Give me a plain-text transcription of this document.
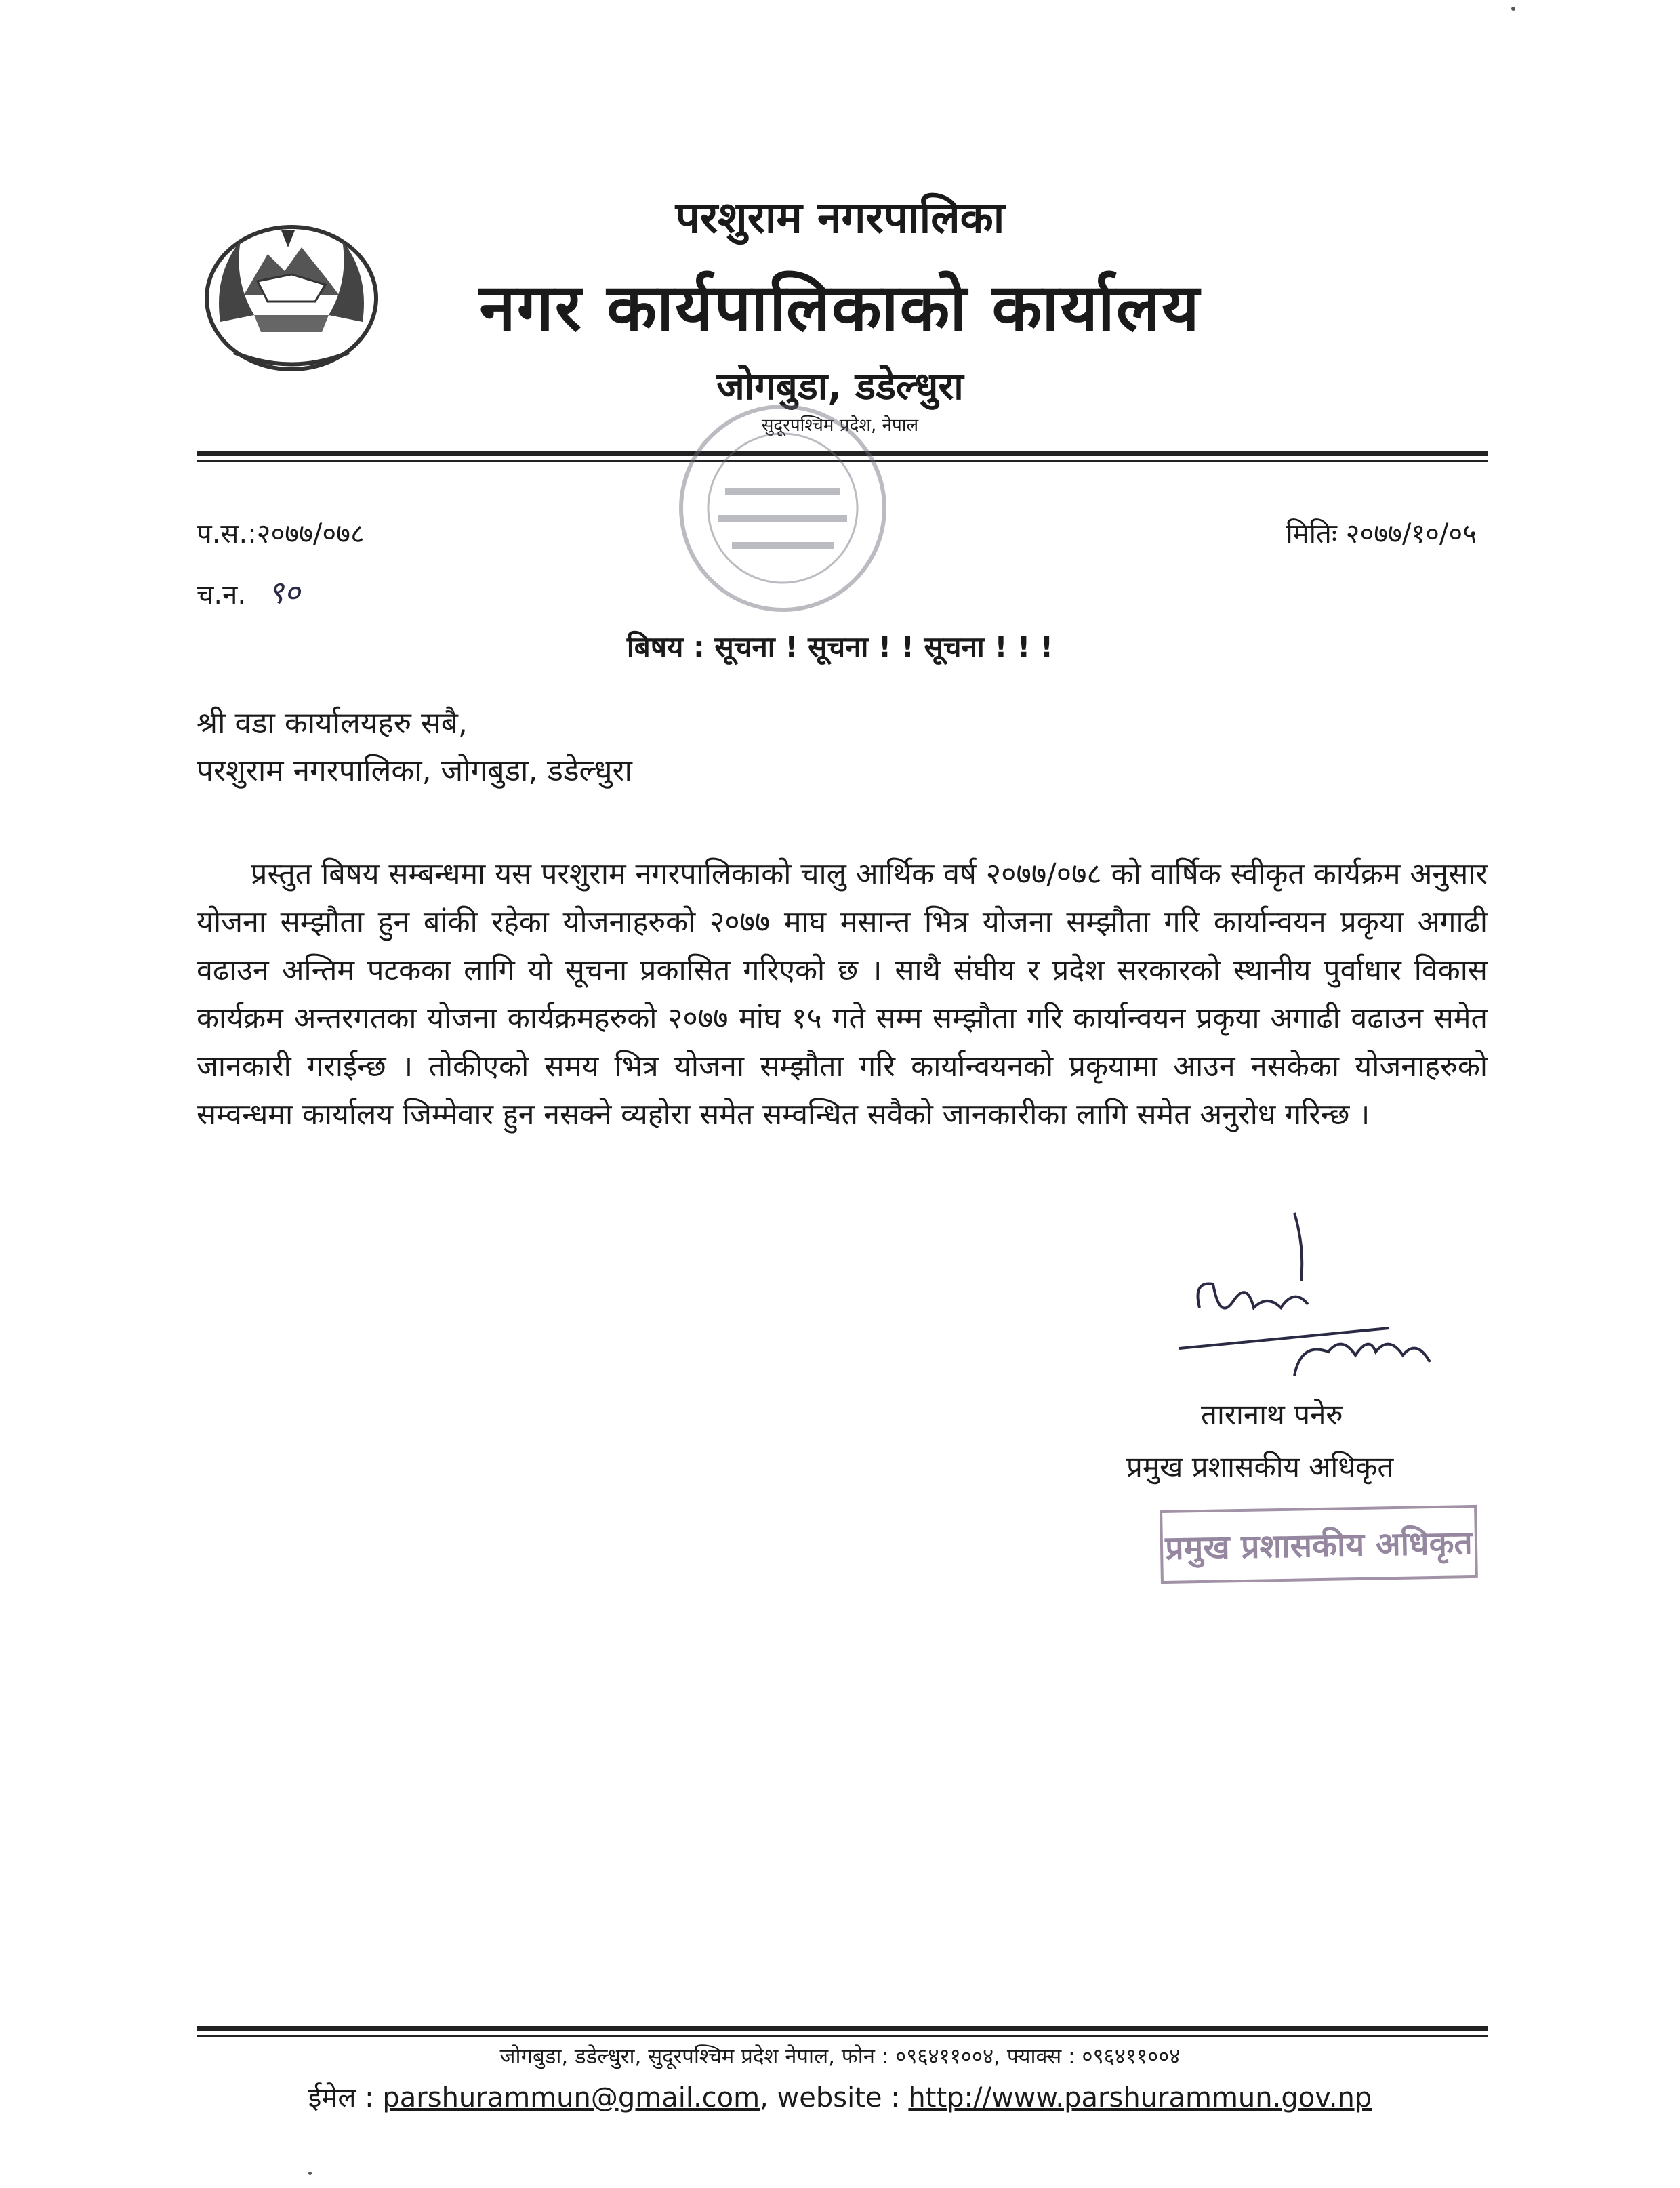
परशुराम नगरपालिका
नगर कार्यपालिकाको कार्यालय
जोगबुडा, डडेल्धुरा
सुदूरपश्चिम प्रदेश, नेपाल
प.स.:२०७७/०७८
च.न. ९०
मितिः २०७७/१०/०५
बिषय : सूचना ! सूचना ! ! सूचना ! ! !
श्री वडा कार्यालयहरु सबै,
परशुराम नगरपालिका, जोगबुडा, डडेल्धुरा
प्रस्तुत बिषय सम्बन्धमा यस परशुराम नगरपालिकाको चालु आर्थिक वर्ष २०७७/०७८ को वार्षिक स्वीकृत कार्यक्रम अनुसार योजना सम्झौता हुन बांकी रहेका योजनाहरुको २०७७ माघ मसान्त भित्र योजना सम्झौता गरि कार्यान्वयन प्रकृया अगाढी वढाउन अन्तिम पटकका लागि यो सूचना प्रकासित गरिएको छ । साथै संघीय र प्रदेश सरकारको स्थानीय पुर्वाधार विकास कार्यक्रम अन्तरगतका योजना कार्यक्रमहरुको २०७७ मांघ १५ गते सम्म सम्झौता गरि कार्यान्वयन प्रकृया अगाढी वढाउन समेत जानकारी गराईन्छ । तोकीएको समय भित्र योजना सम्झौता गरि कार्यान्वयनको प्रकृयामा आउन नसकेका योजनाहरुको सम्वन्धमा कार्यालय जिम्मेवार हुन नसक्ने व्यहोरा समेत सम्वन्धित सवैको जानकारीका लागि समेत अनुरोध गरिन्छ ।
तारानाथ पनेरु
प्रमुख प्रशासकीय अधिकृत
प्रमुख प्रशासकीय अधिकृत
जोगबुडा, डडेल्धुरा, सुदूरपश्चिम प्रदेश नेपाल, फोन : ०९६४११००४, फ्याक्स : ०९६४११००४
ईमेल : parshurammun@gmail.com, website : http://www.parshurammun.gov.np
